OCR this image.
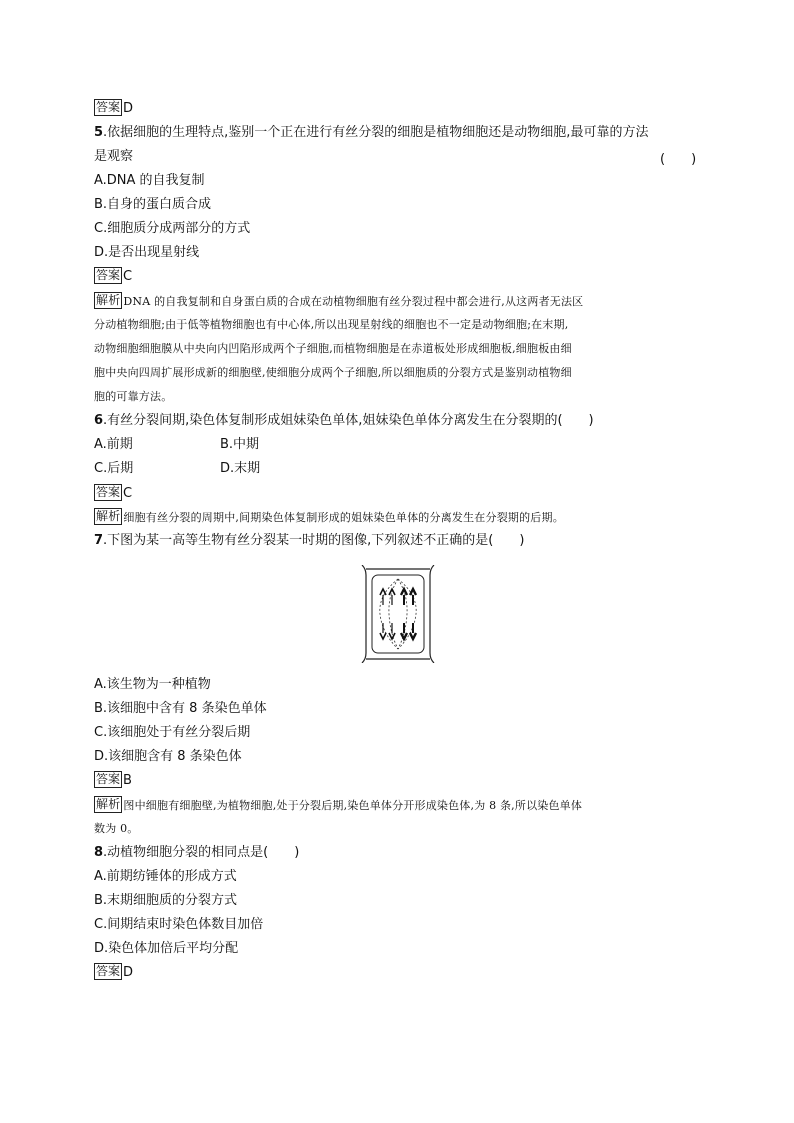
答案 D
5.依据细胞的生理特点,鉴别一个正在进行有丝分裂的细胞是植物细胞还是动物细胞,最可靠的方法
是观察	(　　)
A.DNA 的自我复制
B.自身的蛋白质合成
C.细胞质分成两部分的方式
D.是否出现星射线
答案 C
解析 DNA 的自我复制和自身蛋白质的合成在动植物细胞有丝分裂过程中都会进行,从这两者无法区
分动植物细胞;由于低等植物细胞也有中心体,所以出现星射线的细胞也不一定是动物细胞;在末期,
动物细胞细胞膜从中央向内凹陷形成两个子细胞,而植物细胞是在赤道板处形成细胞板,细胞板由细
胞中央向四周扩展形成新的细胞壁,使细胞分成两个子细胞,所以细胞质的分裂方式是鉴别动植物细
胞的可靠方法。
6.有丝分裂间期,染色体复制形成姐妹染色单体,姐妹染色单体分离发生在分裂期的(　　)
A.前期	B.中期
C.后期	D.末期
答案 C
解析 细胞有丝分裂的周期中,间期染色体复制形成的姐妹染色单体的分离发生在分裂期的后期。
7.下图为某一高等生物有丝分裂某一时期的图像,下列叙述不正确的是(　　)
A.该生物为一种植物
B.该细胞中含有 8 条染色单体
C.该细胞处于有丝分裂后期
D.该细胞含有 8 条染色体
答案 B
解析 图中细胞有细胞壁,为植物细胞,处于分裂后期,染色单体分开形成染色体,为 8 条,所以染色单体
数为 0。
8.动植物细胞分裂的相同点是(　　)
A.前期纺锤体的形成方式
B.末期细胞质的分裂方式
C.间期结束时染色体数目加倍
D.染色体加倍后平均分配
答案 D
